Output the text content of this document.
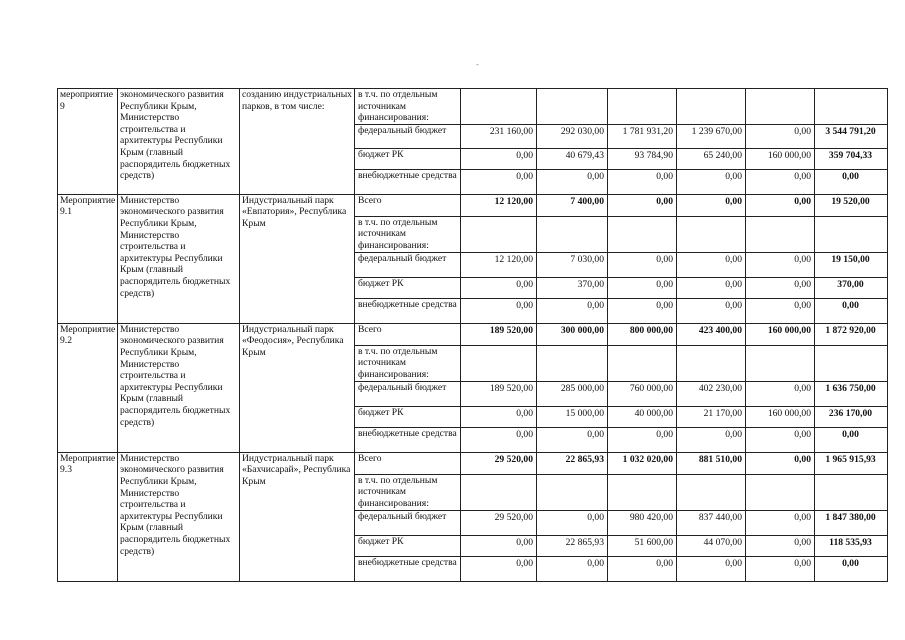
-
мероприятие 9	экономического развития Республики Крым, Министерство строительства и архитектуры Республики Крым (главный распорядитель бюджетных средств)	созданию индустриальных парков, в том числе:	в т.ч. по отдельным источникам финансирования:						
			федеральный бюджет	231 160,00	292 030,00	1 781 931,20	1 239 670,00	0,00	3 544 791,20
			бюджет РК	0,00	40 679,43	93 784,90	65 240,00	160 000,00	359 704,33
			внебюджетные средства	0,00	0,00	0,00	0,00	0,00	0,00
Мероприятие 9.1	Министерство экономического развития Республики Крым, Министерство строительства и архитектуры Республики Крым (главный распорядитель бюджетных средств)	Индустриальный парк «Евпатория», Республика Крым	Всего	12 120,00	7 400,00	0,00	0,00	0,00	19 520,00
			в т.ч. по отдельным источникам финансирования:						
			федеральный бюджет	12 120,00	7 030,00	0,00	0,00	0,00	19 150,00
			бюджет РК	0,00	370,00	0,00	0,00	0,00	370,00
			внебюджетные средства	0,00	0,00	0,00	0,00	0,00	0,00
Мероприятие 9.2	Министерство экономического развития Республики Крым, Министерство строительства и архитектуры Республики Крым (главный распорядитель бюджетных средств)	Индустриальный парк «Феодосия», Республика Крым	Всего	189 520,00	300 000,00	800 000,00	423 400,00	160 000,00	1 872 920,00
			в т.ч. по отдельным источникам финансирования:						
			федеральный бюджет	189 520,00	285 000,00	760 000,00	402 230,00	0,00	1 636 750,00
			бюджет РК	0,00	15 000,00	40 000,00	21 170,00	160 000,00	236 170,00
			внебюджетные средства	0,00	0,00	0,00	0,00	0,00	0,00
Мероприятие 9.3	Министерство экономического развития Республики Крым, Министерство строительства и архитектуры Республики Крым (главный распорядитель бюджетных средств)	Индустриальный парк «Бахчисарай», Республика Крым	Всего	29 520,00	22 865,93	1 032 020,00	881 510,00	0,00	1 965 915,93
			в т.ч. по отдельным источникам финансирования:						
			федеральный бюджет	29 520,00	0,00	980 420,00	837 440,00	0,00	1 847 380,00
			бюджет РК	0,00	22 865,93	51 600,00	44 070,00	0,00	118 535,93
			внебюджетные средства	0,00	0,00	0,00	0,00	0,00	0,00
